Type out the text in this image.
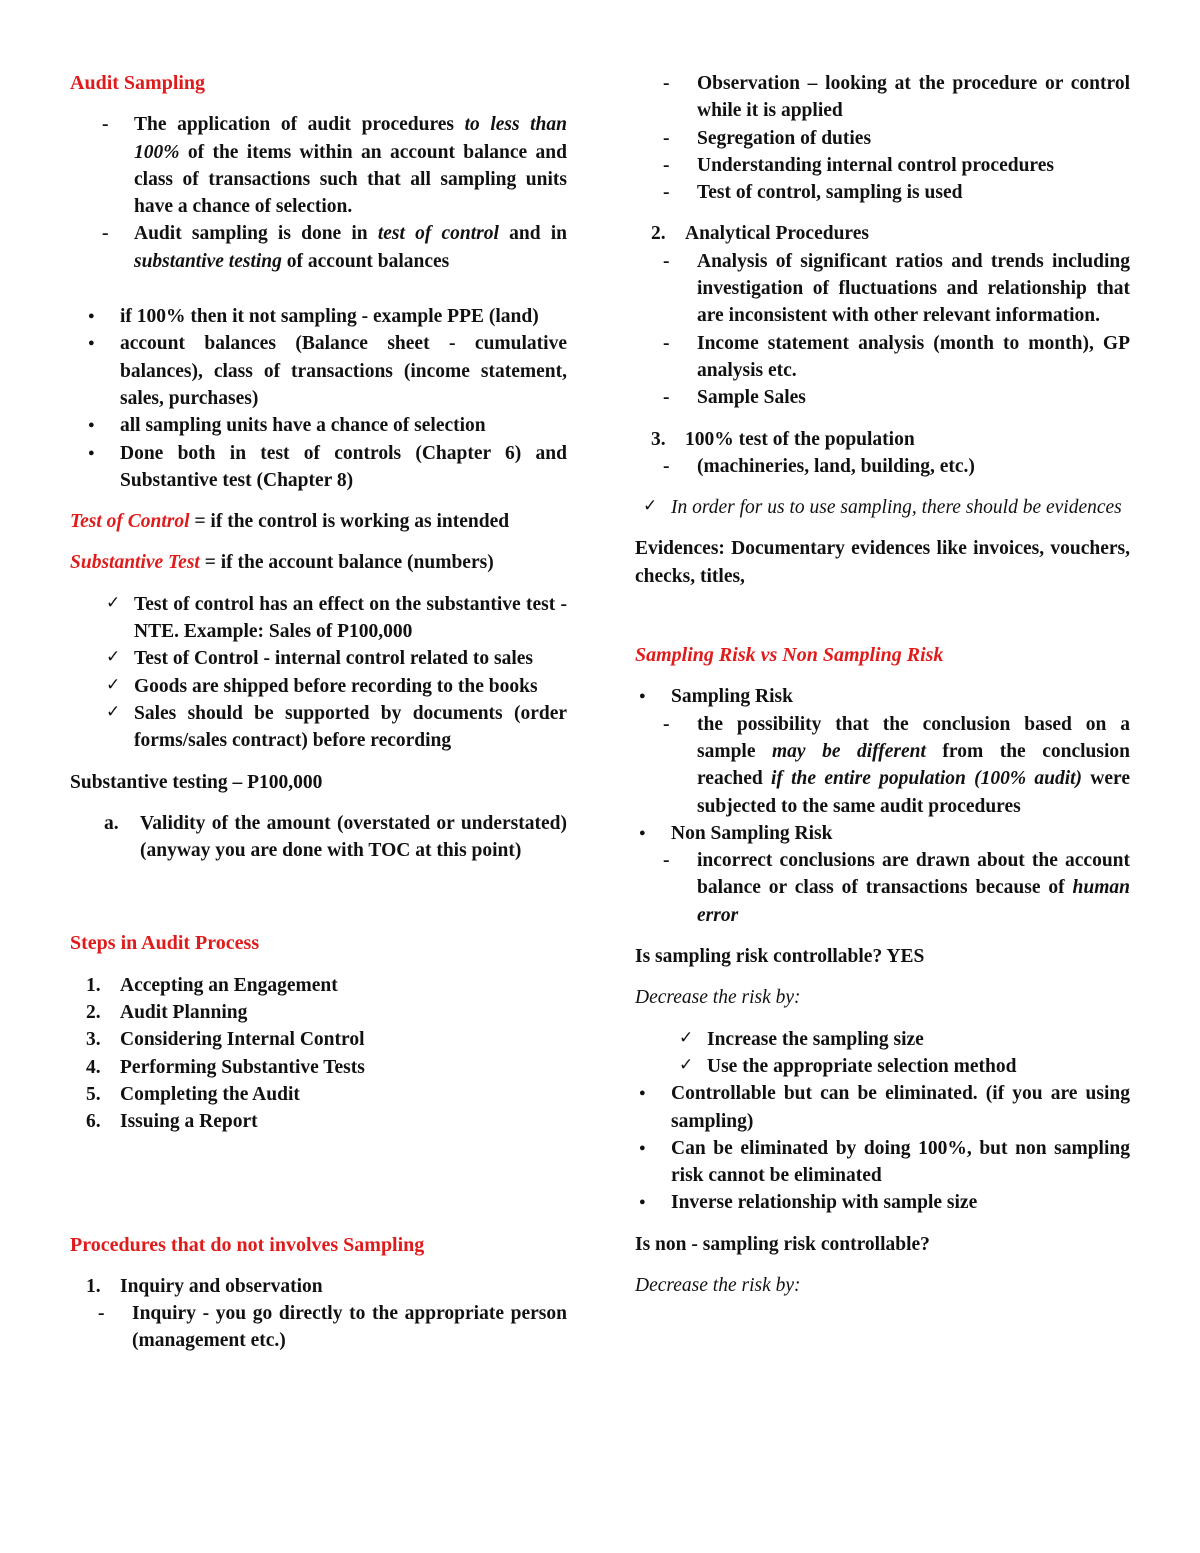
Audit Sampling

- The application of audit procedures to less than 100% of the items within an account balance and class of transactions such that all sampling units have a chance of selection.
- Audit sampling is done in test of control and in substantive testing of account balances
● if 100% then it not sampling - example PPE (land)
● account balances (Balance sheet - cumulative balances), class of transactions (income statement, sales, purchases)
● all sampling units have a chance of selection
● Done both in test of controls (Chapter 6) and Substantive test (Chapter 8)

Test of Control = if the control is working as intended

Substantive Test = if the account balance (numbers)

✓ Test of control has an effect on the substantive test - NTE. Example: Sales of P100,000
✓ Test of Control - internal control related to sales
✓ Goods are shipped before recording to the books
✓ Sales should be supported by documents (order forms/sales contract) before recording

Substantive testing – P100,000

a. Validity of the amount (overstated or understated) (anyway you are done with TOC at this point)

Steps in Audit Process

1. Accepting an Engagement
2. Audit Planning
3. Considering Internal Control
4. Performing Substantive Tests
5. Completing the Audit
6. Issuing a Report

Procedures that do not involves Sampling

1. Inquiry and observation
- Inquiry - you go directly to the appropriate person (management etc.)
- Observation – looking at the procedure or control while it is applied
- Segregation of duties
- Understanding internal control procedures
- Test of control, sampling is used
2. Analytical Procedures
- Analysis of significant ratios and trends including investigation of fluctuations and relationship that are inconsistent with other relevant information.
- Income statement analysis (month to month), GP analysis etc.
- Sample Sales
3. 100% test of the population
- (machineries, land, building, etc.)
✓ In order for us to use sampling, there should be evidences

Evidences: Documentary evidences like invoices, vouchers, checks, titles,

Sampling Risk vs Non Sampling Risk

● Sampling Risk
- the possibility that the conclusion based on a sample may be different from the conclusion reached if the entire population (100% audit) were subjected to the same audit procedures
● Non Sampling Risk
- incorrect conclusions are drawn about the account balance or class of transactions because of human error

Is sampling risk controllable? YES

Decrease the risk by:

✓ Increase the sampling size
✓ Use the appropriate selection method
● Controllable but can be eliminated. (if you are using sampling)
● Can be eliminated by doing 100%, but non sampling risk cannot be eliminated
● Inverse relationship with sample size

Is non - sampling risk controllable?

Decrease the risk by:
